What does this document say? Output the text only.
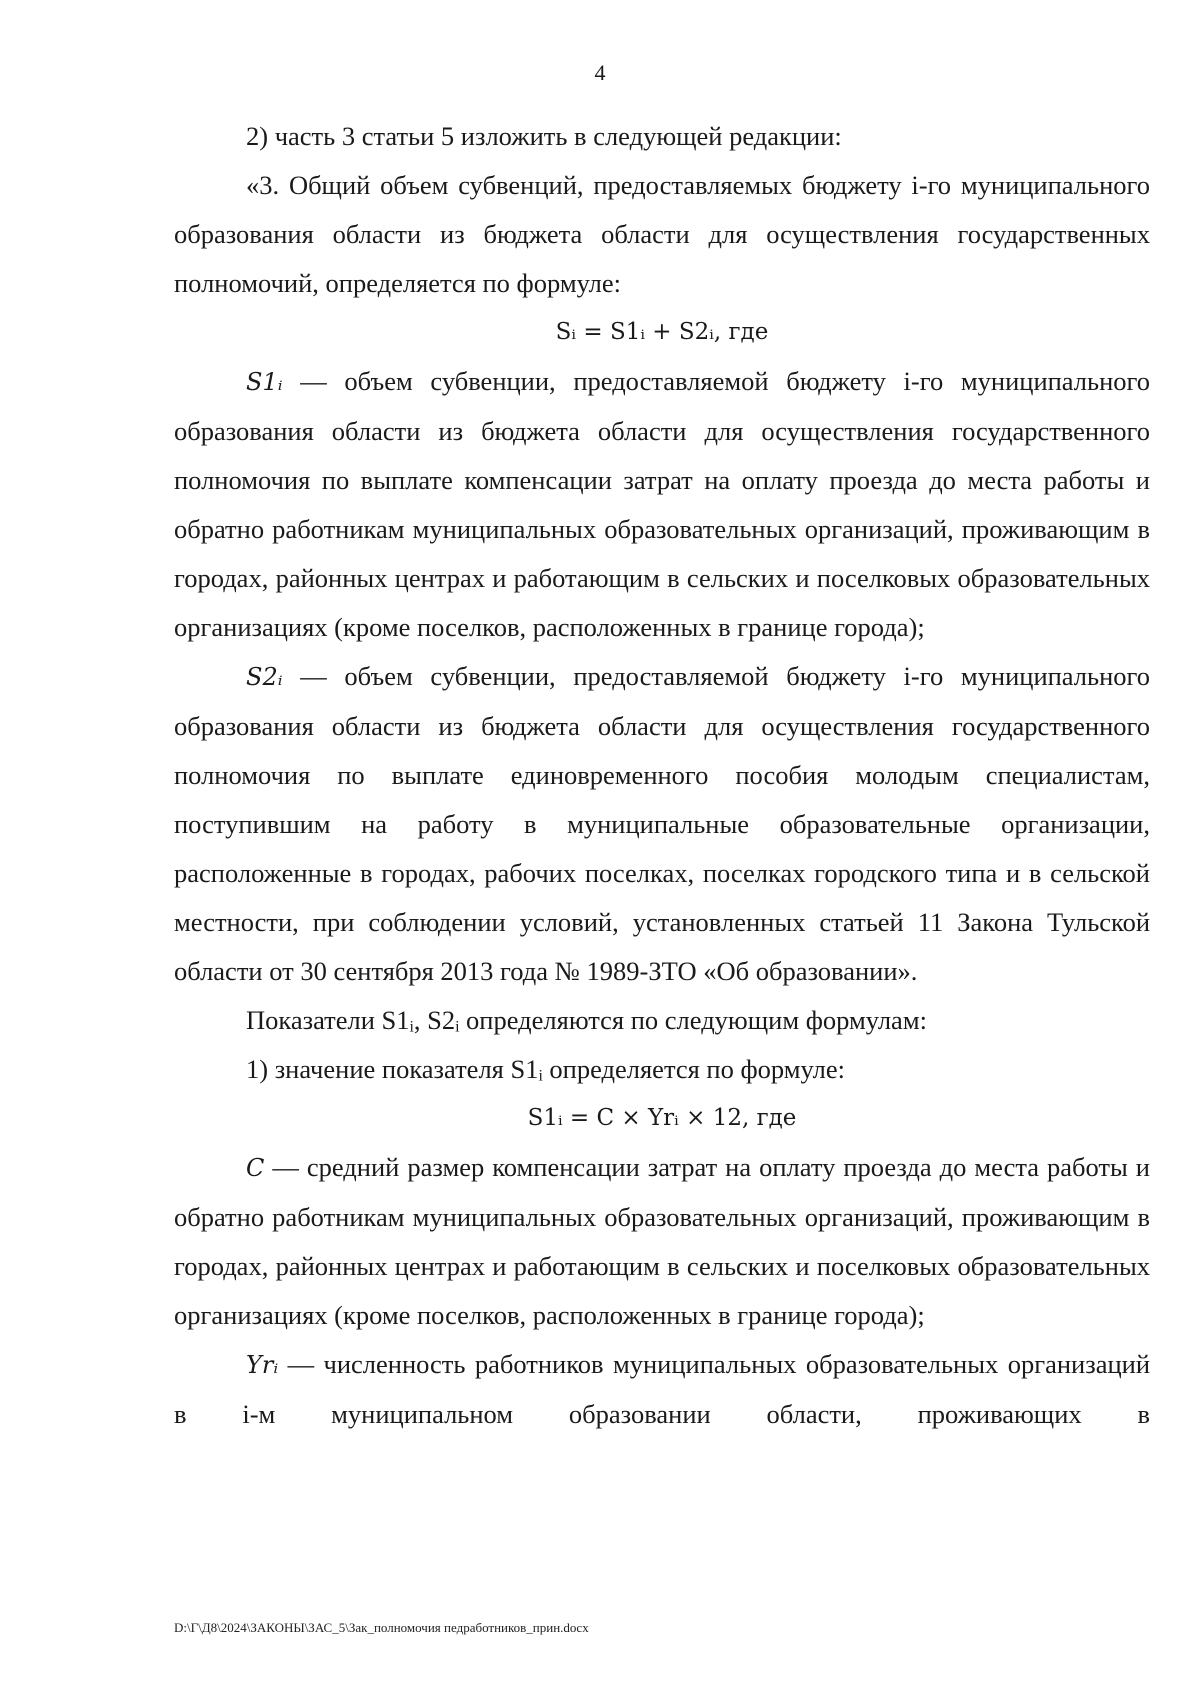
4

2) часть 3 статьи 5 изложить в следующей редакции:

«3. Общий объем субвенций, предоставляемых бюджету i-го муниципального образования области из бюджета области для осуществления государственных полномочий, определяется по формуле:

Sᵢ = S1ᵢ + S2ᵢ, где

S1ᵢ — объем субвенции, предоставляемой бюджету i-го муниципального образования области из бюджета области для осуществления государственного полномочия по выплате компенсации затрат на оплату проезда до места работы и обратно работникам муниципальных образовательных организаций, проживающим в городах, районных центрах и работающим в сельских и поселковых образовательных организациях (кроме поселков, расположенных в границе города);

S2ᵢ — объем субвенции, предоставляемой бюджету i-го муниципального образования области из бюджета области для осуществления государственного полномочия по выплате единовременного пособия молодым специалистам, поступившим на работу в муниципальные образовательные организации, расположенные в городах, рабочих поселках, поселках городского типа и в сельской местности, при соблюдении условий, установленных статьей 11 Закона Тульской области от 30 сентября 2013 года № 1989-ЗТО «Об образовании».

Показатели S1ᵢ, S2ᵢ определяются по следующим формулам:

1) значение показателя S1ᵢ определяется по формуле:

S1ᵢ = C × Yrᵢ × 12, где

C — средний размер компенсации затрат на оплату проезда до места работы и обратно работникам муниципальных образовательных организаций, проживающим в городах, районных центрах и работающим в сельских и поселковых образовательных организациях (кроме поселков, расположенных в границе города);

Yrᵢ — численность работников муниципальных образовательных организаций в i-м муниципальном образовании области, проживающих в

D:\Г\Д8\2024\ЗАКОНЫ\ЗАС_5\Зак_полномочия педработников_прин.docx
